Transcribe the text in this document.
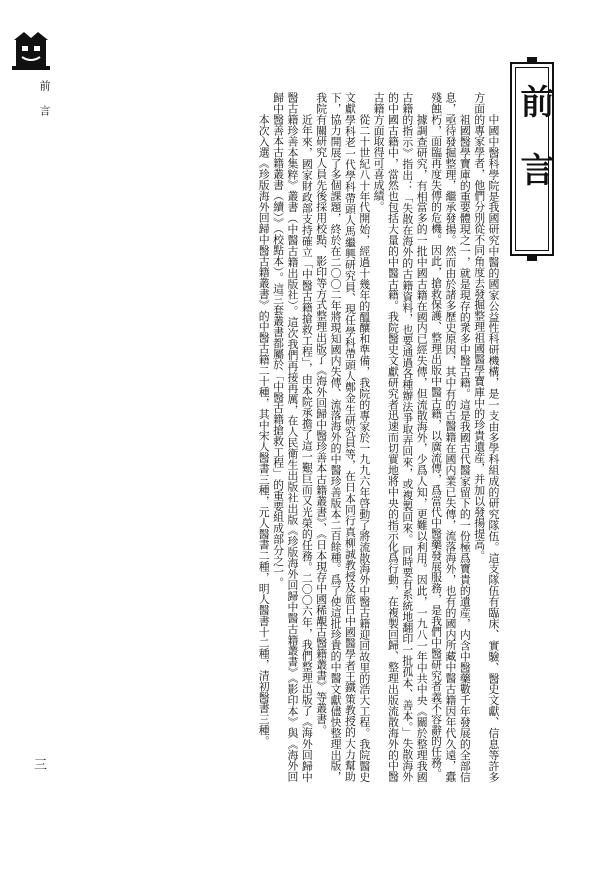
前言
三
前言

中國中醫科學院是我國研究中醫的國家公益性科研機構，是一支由多學科組成的研究隊伍。這支隊伍有臨床、實驗、醫史文獻、信息等許多方面的專家學者，他們分別從不同角度去發掘整理祖國醫學寶庫中的珍貴遺産，并加以發揚提高。

祖國醫學寶庫的重要體現之一，就是現存的衆多中醫古籍。這是我國古代醫家留下的一份極爲寶貴的遺産，内含中醫藥數千年發展的全部信息，亟待發掘整理，繼承發揚。然而由於諸多歷史原因，其中有的古醫籍在國内業已失傳，流落海外，也有的國内所藏中醫古籍因年代久遠，蠹殘蝕朽，面臨再度失傳的危機。因此，搶救保護、整理出版中醫古籍，以廣流傳，爲當代中醫藥發展服務，是我們中醫研究者義不容辭的任務。

據調查研究，有相當多的一批中國古籍在國内已經失傳，但流散海外，少爲人知，更難以利用。因此，一九八一年中共中央《關於整理我國古籍的指示》指出：「失散在海外的古籍資料，也要通過各種辦法爭取弄回來，或複製回來。同時要有系統地翻印一批孤本、善本。」失散海外的中國古籍中，當然也包括大量的中醫古籍。我院醫史文獻研究者迅速而切實地將中央的指示化爲行動，在複製回歸、整理出版流散海外的中醫古籍方面取得可喜成績。

從二十世紀八十年代開始，經過十幾年的醞釀和準備，我院的專家於一九九六年啓動了將流散海外中醫古籍迎回故里的浩大工程。我院醫史文獻學科老一代學科帶頭人馬繼興研究員、現任學科帶頭人鄭金生研究員等，在日本同行真柳誠教授及旅日中國醫學者王鐵策教授的大力幫助下，協力開展了多個課題，終於在二〇〇二年將現知國内失傳、流落海外的中醫珍善版本二百餘種。爲了使這批珍貴的中醫文獻儘快整理出版，我院有關研究人員先後採用校點、影印等方式整理出版了《海外回歸中醫珍善本古籍叢書》、《日本現存中國稀覯古醫籍叢書》等叢書。

近年來，國家財政部支持確立「中醫古籍搶救工程」，由本院承擔了這一艱巨而又光榮的任務。二〇〇六年，我們整理出版了《海外回歸中醫古籍珍善本集粹》叢書（中醫古籍出版社）。這次我們再接再厲，在人民衛生出版社出版《珍版海外回歸中醫古籍叢書》《影印本》與《海外回歸中醫善本古籍叢書（續）》（校點本）。這三套叢書都屬於「中醫古籍搶救工程」的重要組成部分之一。

本次入選《珍版海外回歸中醫古籍叢書》的中醫古籍二十種，其中宋人醫書三種，元人醫書二種，明人醫書十二種，清初醫書三種。
